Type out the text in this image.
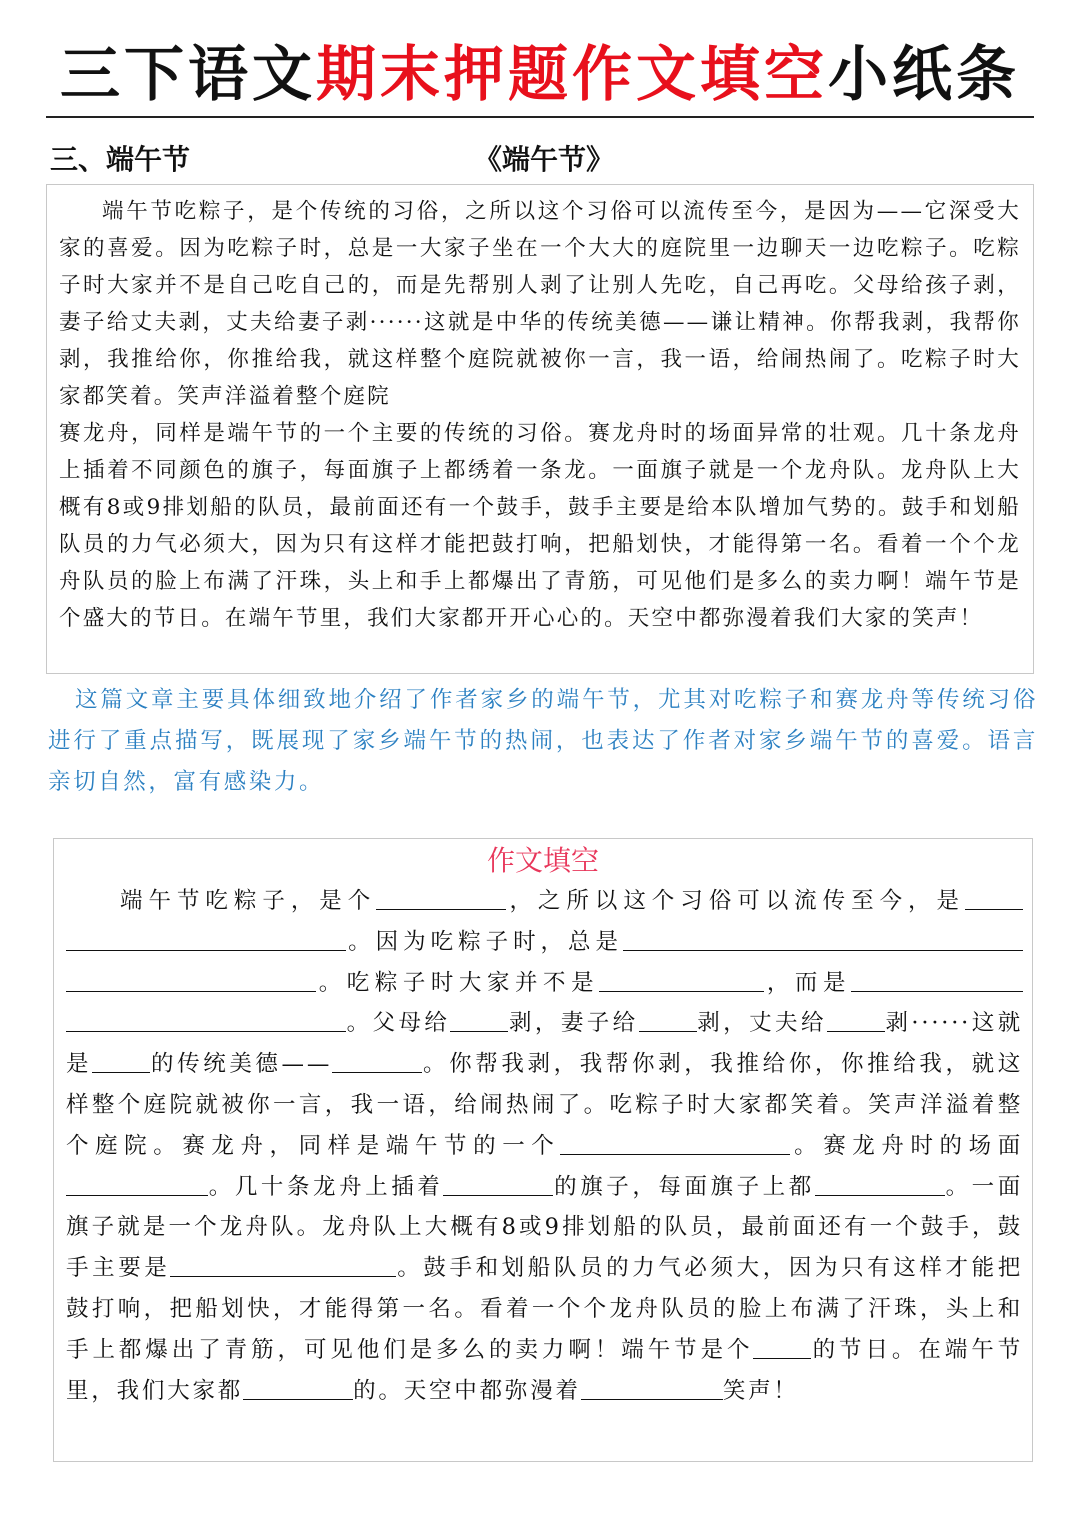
三下语文期末押题作文填空小纸条
三、端午节	《端午节》

端午节吃粽子，是个传统的习俗，之所以这个习俗可以流传至今，是因为——它深受大家的喜爱。因为吃粽子时，总是一大家子坐在一个大大的庭院里一边聊天一边吃粽子。吃粽子时大家并不是自己吃自己的，而是先帮别人剥了让别人先吃，自己再吃。父母给孩子剥，妻子给丈夫剥，丈夫给妻子剥······这就是中华的传统美德——谦让精神。你帮我剥，我帮你剥，我推给你，你推给我，就这样整个庭院就被你一言，我一语，给闹热闹了。吃粽子时大家都笑着。笑声洋溢着整个庭院

赛龙舟，同样是端午节的一个主要的传统的习俗。赛龙舟时的场面异常的壮观。几十条龙舟上插着不同颜色的旗子，每面旗子上都绣着一条龙。一面旗子就是一个龙舟队。龙舟队上大概有8或9排划船的队员，最前面还有一个鼓手，鼓手主要是给本队增加气势的。鼓手和划船队员的力气必须大，因为只有这样才能把鼓打响，把船划快，才能得第一名。看着一个个龙舟队员的脸上布满了汗珠，头上和手上都爆出了青筋，可见他们是多么的卖力啊！端午节是个盛大的节日。在端午节里，我们大家都开开心心的。天空中都弥漫着我们大家的笑声！

这篇文章主要具体细致地介绍了作者家乡的端午节，尤其对吃粽子和赛龙舟等传统习俗进行了重点描写，既展现了家乡端午节的热闹，也表达了作者对家乡端午节的喜爱。语言亲切自然，富有感染力。

作文填空

端午节吃粽子，是个	，之所以这个习俗可以流传至今，是。因为吃粽子时，总是。吃粽子时大家并不是	，而是。父母给	剥，妻子给	剥，丈夫给	剥······这就是	的传统美德——	。你帮我剥，我帮你剥，我推给你，你推给我，就这样整个庭院就被你一言，我一语，给闹热闹了。吃粽子时大家都笑着。笑声洋溢着整个庭院。赛龙舟，同样是端午节的一个	。赛龙舟时的场面。几十条龙舟上插着	的旗子，每面旗子上都	。一面旗子就是一个龙舟队。龙舟队上大概有8或9排划船的队员，最前面还有一个鼓手，鼓手主要是	。鼓手和划船队员的力气必须大，因为只有这样才能把鼓打响，把船划快，才能得第一名。看着一个个龙舟队员的脸上布满了汗珠，头上和手上都爆出了青筋，可见他们是多么的卖力啊！端午节是个	的节日。在端午节里，我们大家都	的。天空中都弥漫着	笑声！
